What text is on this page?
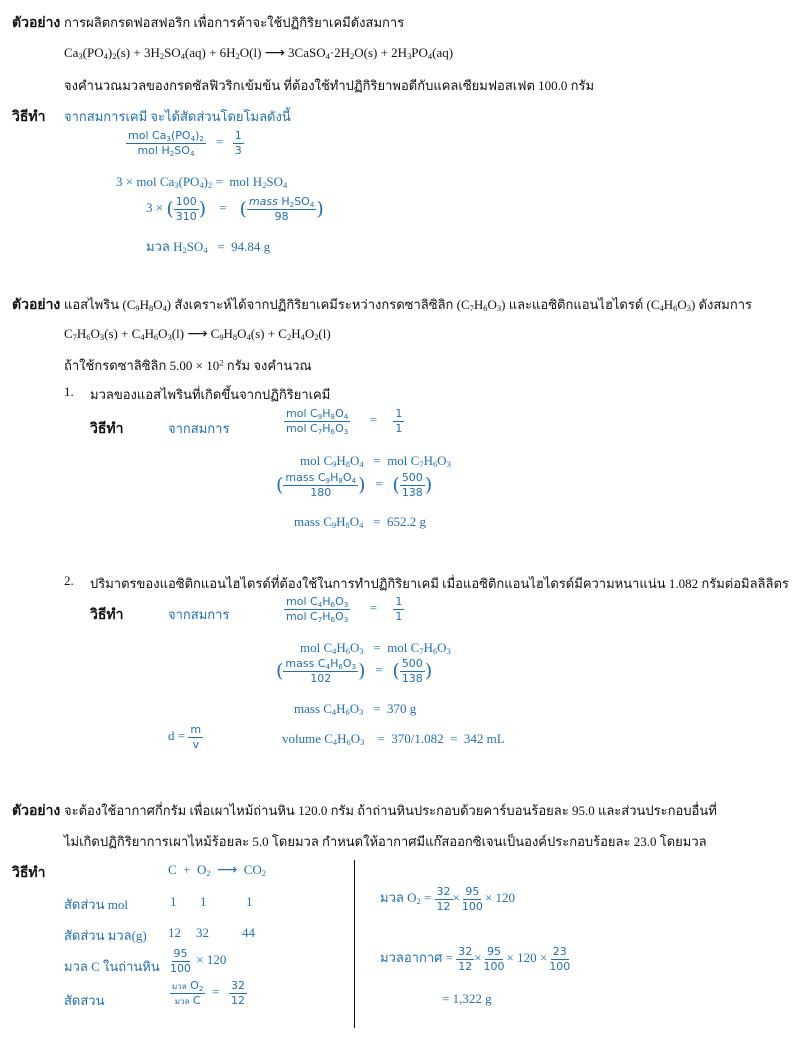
ตัวอย่าง การผลิตกรดฟอสฟอริก เพื่อการค้าจะใช้ปฏิกิริยาเคมีดังสมการ
$Ca_3(PO_4)_2(s) + 3H_2SO_4(aq) + 6H_2O(l)$ ⟶ $3CaSO_4\cdot 2H_2O(s) + 2H_3PO_4(aq)$
จงคำนวณมวลของกรดซัลฟิวริกเข้มข้น ที่ต้องใช้ทำปฏิกิริยาพอดีกับแคลเซียมฟอสเฟต 100.0 กรัม
วิธีทำ จากสมการเคมี จะได้สัดส่วนโดยโมลดังนี้
$\frac{mol Ca_3(PO_4)_2}{mol H_2SO_4} = \frac{1}{3}$
3 × mol $Ca_3(PO_4)_2$ =  mol $H_2SO_4$
3 × ( $\frac{100}{310}$ ) = ( $\frac{mass H_2SO_4}{98}$ )
มวล $H_2SO_4 = 94.84$ g
ตัวอย่าง แอสไพริน $(C_9H_8O_4)$ สังเคราะห์ได้จากปฏิกิริยาเคมีระหว่างกรดซาลิซิลิก $(C_7H_6O_3)$ และแอซิติกแอนไฮไดรด์ $(C_4H_6O_3)$ ดังสมการ
$C_7H_6O_3(s) + C_4H_6O_3(l)$ ⟶ $C_9H_8O_4(s) + C_2H_4O_2(l)$
ถ้าใช้กรดซาลิซิลิก $5.00 \times 10^2$ กรัม จงคำนวณ
1. มวลของแอสไพรินที่เกิดขึ้นจากปฏิกิริยาเคมี
วิธีทำ	จากสมการ	$\frac{mol C_9H_8O_4}{mol C_7H_6O_3} = \frac{1}{1}$
mol $C_9H_8O_4$ =  mol $C_7H_6O_3$
( $\frac{mass C_9H_8O_4}{180}$ ) = ( $\frac{500}{138}$ )
mass $C_9H_8O_4 = 652.2$ g
2. ปริมาตรของแอซิติกแอนไฮไดรด์ที่ต้องใช้ในการทำปฏิกิริยาเคมี เมื่อแอซิติกแอนไฮไดรด์มีความหนาแน่น 1.082 กรัมต่อมิลลิลิตร
วิธีทำ	จากสมการ	$\frac{mol C_4H_6O_3}{mol C_7H_6O_3} = \frac{1}{1}$
mol $C_4H_6O_3$ =  mol $C_7H_6O_3$
( $\frac{mass C_4H_6O_3}{102}$ ) = ( $\frac{500}{138}$ )
mass $C_4H_6O_3 = 370$ g
$d = \frac{m}{v}$	volume $C_4H_6O_3 = 370/1.082 = 342$ mL
ตัวอย่าง จะต้องใช้อากาศกี่กรัม เพื่อเผาไหม้ถ่านหิน 120.0 กรัม ถ้าถ่านหินประกอบด้วยคาร์บอนร้อยละ 95.0 และส่วนประกอบอื่นที่
ไม่เกิดปฏิกิริยาการเผาไหม้ร้อยละ 5.0 โดยมวล กำหนดให้อากาศมีแก๊สออกซิเจนเป็นองค์ประกอบร้อยละ 23.0 โดยมวล
วิธีทำ	$C + O_2$ ⟶  $CO_2$
สัดส่วน mol	1 1	1
สัดส่วน มวล(g) 12 32	44
มวล C ในถ่านหิน $\frac{95}{100} \times 120$
สัดสวน	$\frac{มวล O_2}{\text{มวล C}} = \frac{32}{12}$
มวล $O_2 = \frac{32}{12} \times \frac{95}{100} \times 120$
มวลอากาศ = $\frac{32}{12} \times \frac{95}{100} \times 120 \times \frac{23}{100}$
= 1,322 g
